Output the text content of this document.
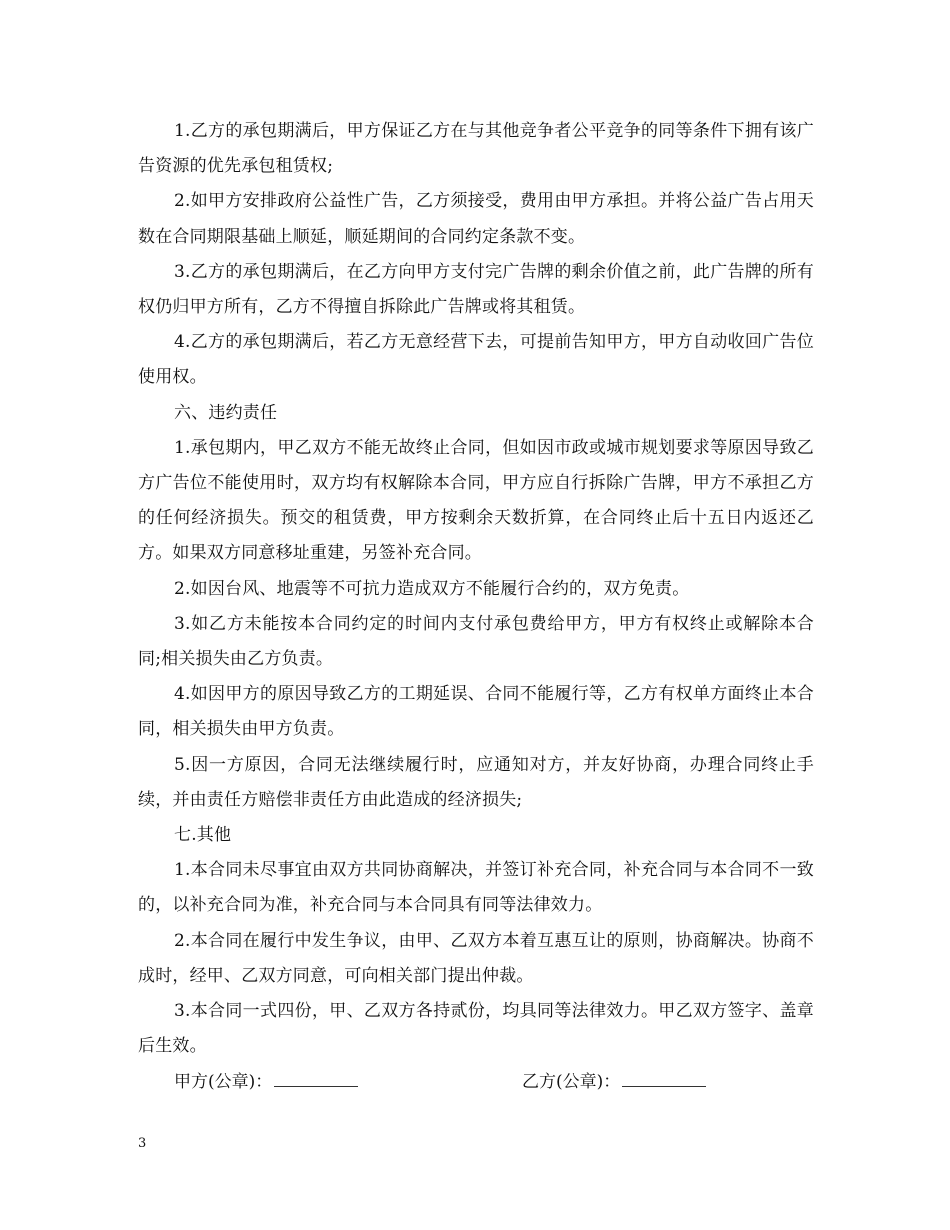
1.乙方的承包期满后，甲方保证乙方在与其他竞争者公平竞争的同等条件下拥有该广告资源的优先承包租赁权;

2.如甲方安排政府公益性广告，乙方须接受，费用由甲方承担。并将公益广告占用天数在合同期限基础上顺延，顺延期间的合同约定条款不变。

3.乙方的承包期满后，在乙方向甲方支付完广告牌的剩余价值之前，此广告牌的所有权仍归甲方所有，乙方不得擅自拆除此广告牌或将其租赁。

4.乙方的承包期满后，若乙方无意经营下去，可提前告知甲方，甲方自动收回广告位使用权。

六、违约责任

1.承包期内，甲乙双方不能无故终止合同，但如因市政或城市规划要求等原因导致乙方广告位不能使用时，双方均有权解除本合同，甲方应自行拆除广告牌，甲方不承担乙方的任何经济损失。预交的租赁费，甲方按剩余天数折算，在合同终止后十五日内返还乙方。如果双方同意移址重建，另签补充合同。

2.如因台风、地震等不可抗力造成双方不能履行合约的，双方免责。

3.如乙方未能按本合同约定的时间内支付承包费给甲方，甲方有权终止或解除本合同;相关损失由乙方负责。

4.如因甲方的原因导致乙方的工期延误、合同不能履行等，乙方有权单方面终止本合同，相关损失由甲方负责。

5.因一方原因，合同无法继续履行时，应通知对方，并友好协商，办理合同终止手续，并由责任方赔偿非责任方由此造成的经济损失;

七.其他

1.本合同未尽事宜由双方共同协商解决，并签订补充合同，补充合同与本合同不一致的，以补充合同为准，补充合同与本合同具有同等法律效力。

2.本合同在履行中发生争议，由甲、乙双方本着互惠互让的原则，协商解决。协商不成时，经甲、乙双方同意，可向相关部门提出仲裁。

3.本合同一式四份，甲、乙双方各持贰份，均具同等法律效力。甲乙双方签字、盖章后生效。

甲方(公章)：	乙方(公章)：
3
